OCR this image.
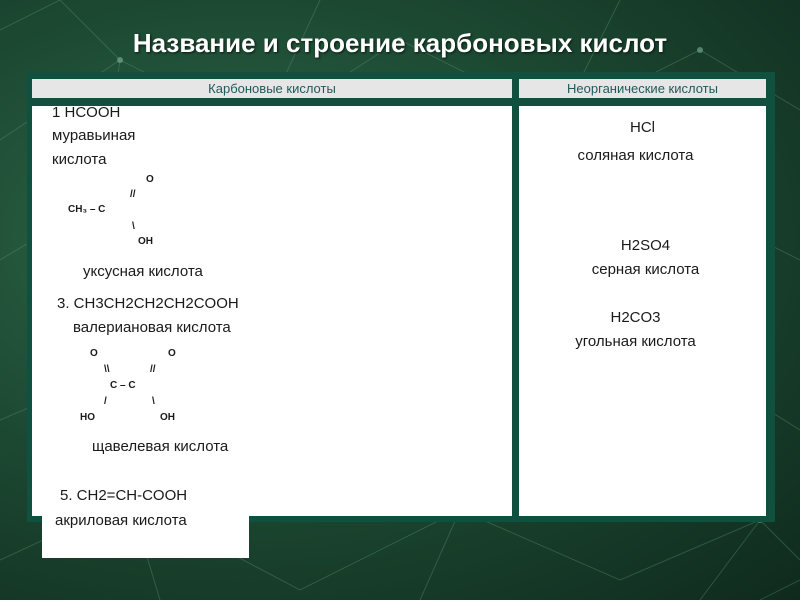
Название и строение карбоновых кислот
Карбоновые кислоты	Неорганические кислоты
1 HCOOH
муравьиная
кислота
O
//
CH₃ – C
\
OH
уксусная кислота
3. CH3CH2CH2CH2COOH
валериановая кислота
O	O
\\	//
C – C
/	\
HO	OH
щавелевая кислота
5. CH2=CH-COOH
акриловая кислота
HCl
соляная кислота
H2SO4
серная кислота
H2CO3
угольная кислота
